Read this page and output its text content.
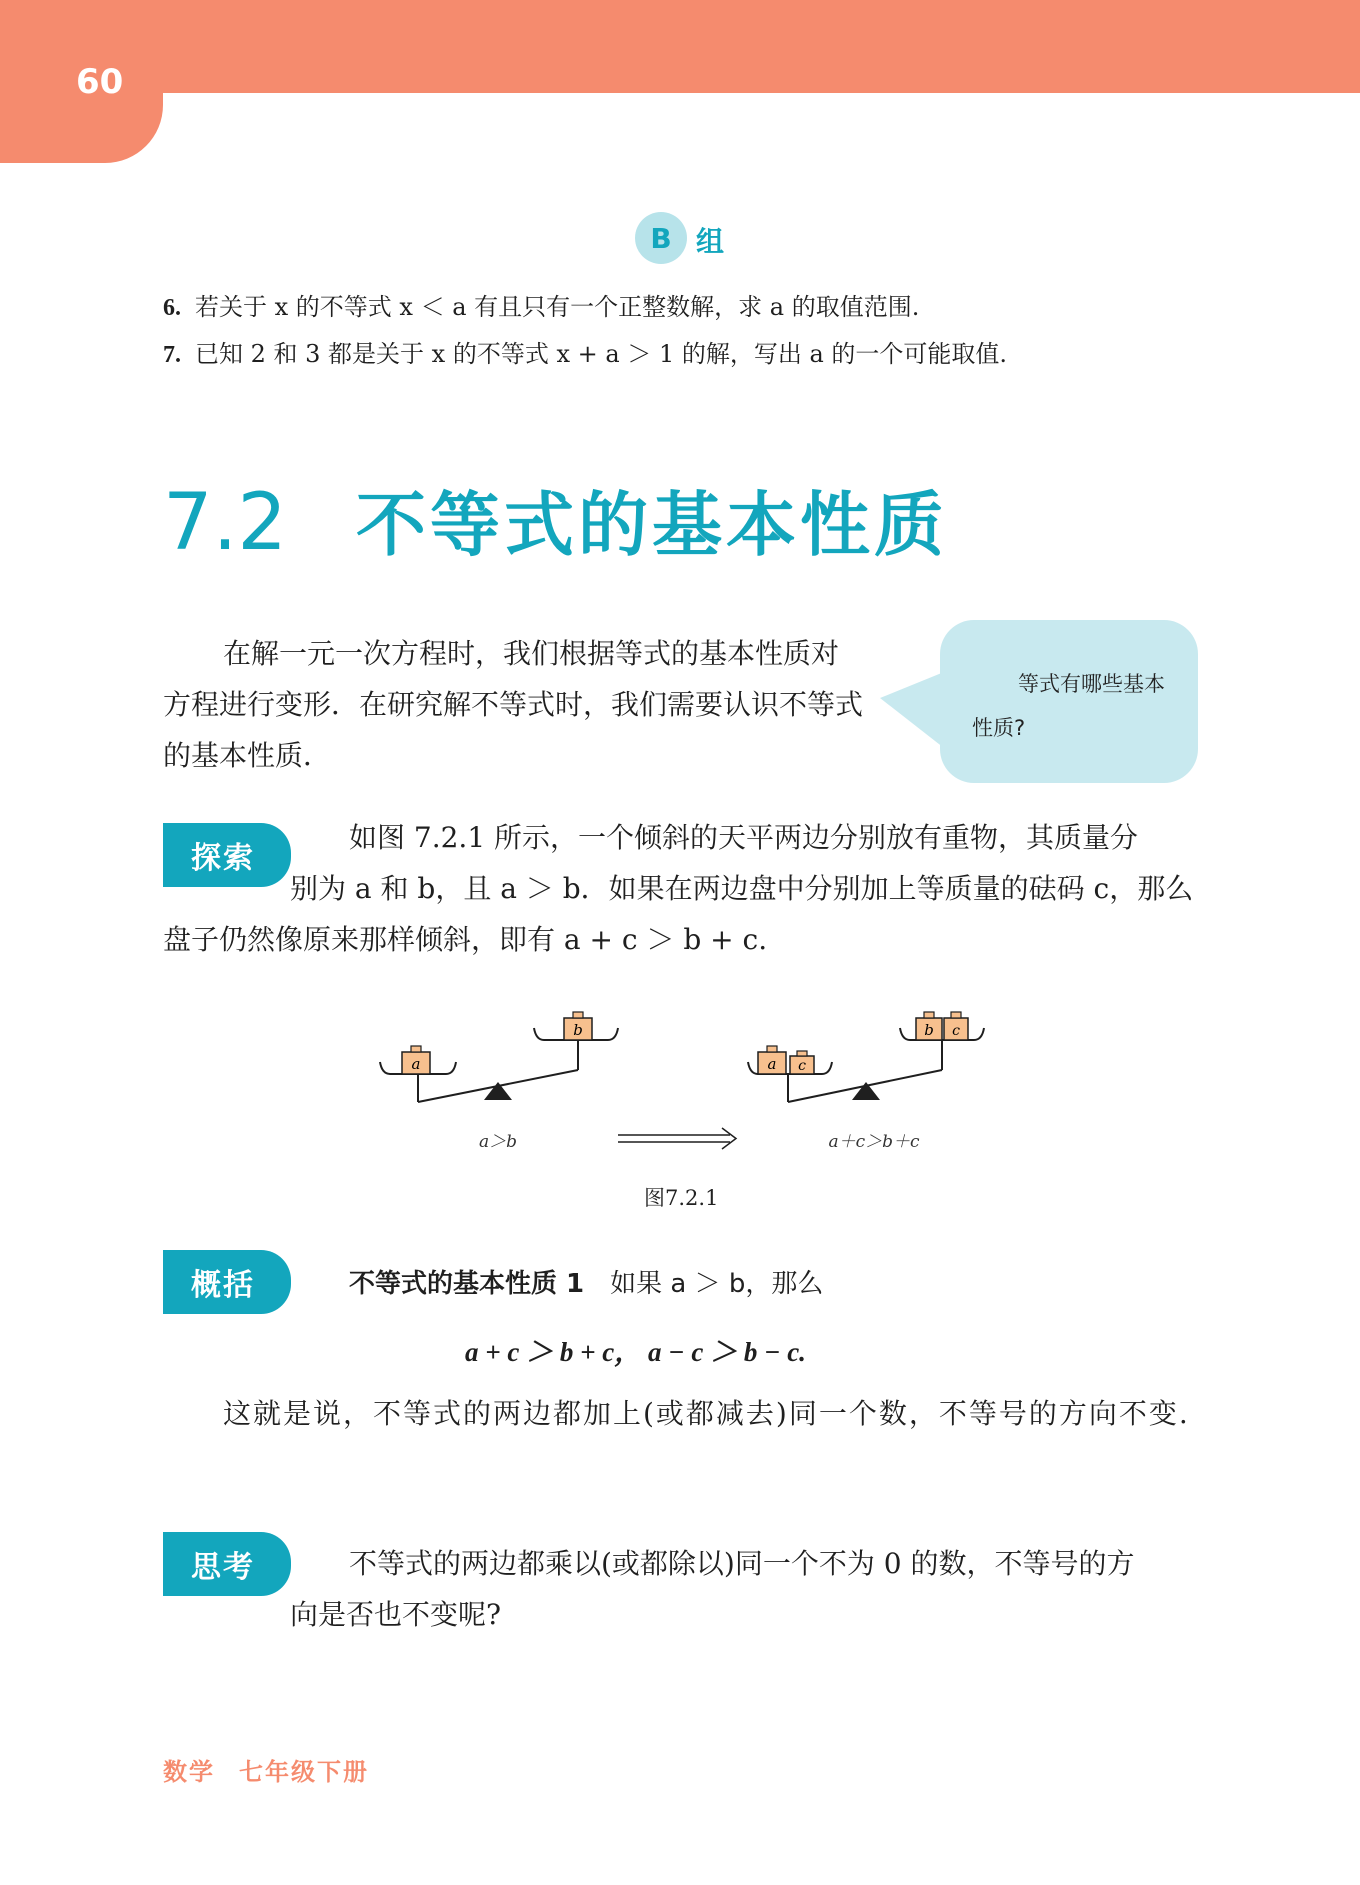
60
B 组
6. 若关于 x 的不等式 x ＜ a 有且只有一个正整数解，求 a 的取值范围.
7. 已知 2 和 3 都是关于 x 的不等式 x + a ＞ 1 的解，写出 a 的一个可能取值.
7.2 不等式的基本性质
在解一元一次方程时，我们根据等式的基本性质对方程进行变形．在研究解不等式时，我们需要认识不等式的基本性质．
等式有哪些基本性质?
探索
如图 7.2.1 所示，一个倾斜的天平两边分别放有重物，其质量分
别为 a 和 b，且 a ＞ b．如果在两边盘中分别加上等质量的砝码 c，那么
盘子仍然像原来那样倾斜，即有 a + c ＞ b + c.
a
b
a＞b
a c
b c
a＋c＞b＋c
图7.2.1
概括	不等式的基本性质 1 如果 a ＞ b，那么
a + c ＞ b + c， a − c ＞ b − c.
这就是说，不等式的两边都加上(或都减去)同一个数，不等号的方向不变.
思考	不等式的两边都乘以(或都除以)同一个不为 0 的数，不等号的方
向是否也不变呢?
数学 七年级下册
